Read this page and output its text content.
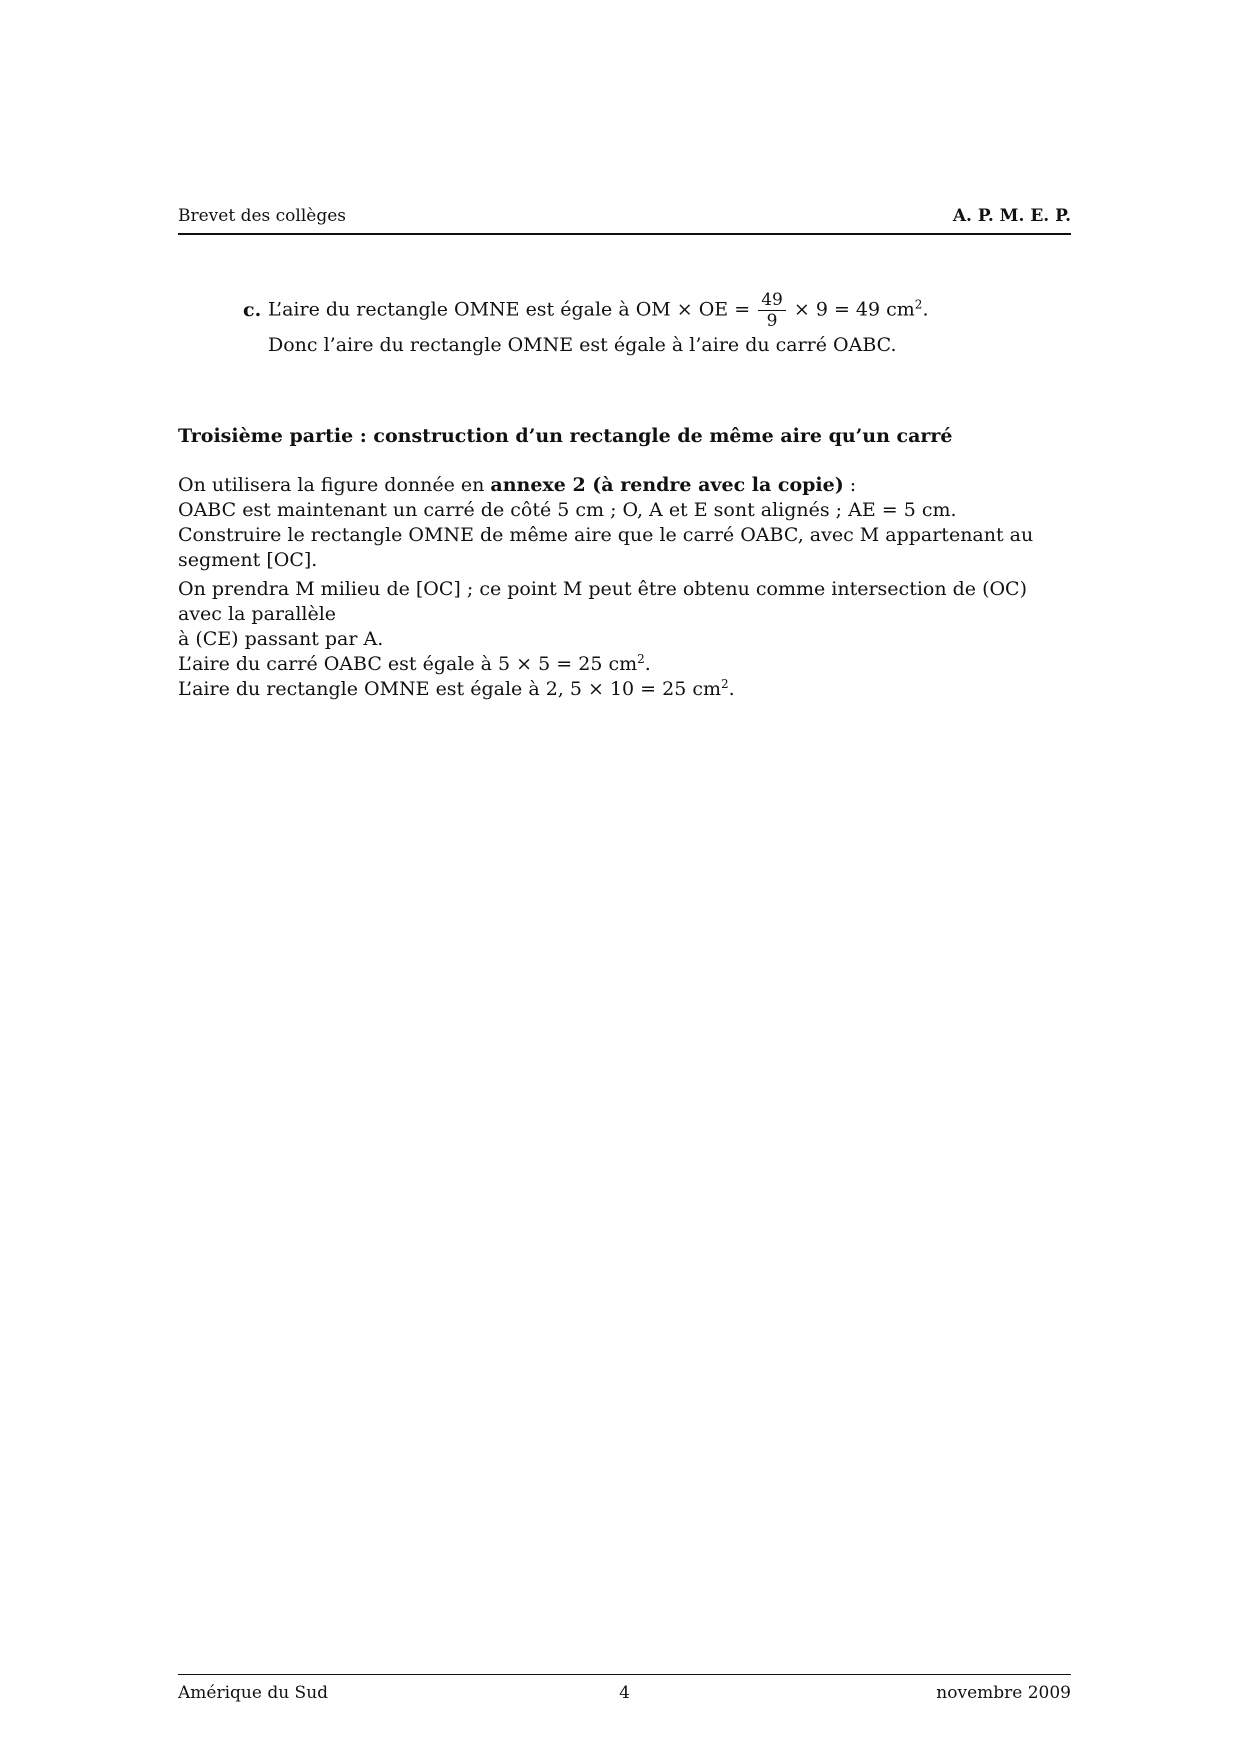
Brevet des collèges	A. P. M. E. P.
c. L’aire du rectangle OMNE est égale à OM × OE = $\frac{49}{9} \times 9 = 49$ $cm^2$.
Donc l’aire du rectangle OMNE est égale à l’aire du carré OABC.
Troisième partie : construction d’un rectangle de même aire qu’un carré
On utilisera la figure donnée en annexe 2 (à rendre avec la copie) :
OABC est maintenant un carré de côté 5 cm ; O, A et E sont alignés ; AE = 5 cm.
Construire le rectangle OMNE de même aire que le carré OABC, avec M appartenant au segment [OC].
On prendra M milieu de [OC] ; ce point M peut être obtenu comme intersection de (OC) avec la parallèle
à (CE) passant par A.
L’aire du carré OABC est égale à 5 × 5 = 25 $cm^2$.
L’aire du rectangle OMNE est égale à 2, 5 × 10 = 25 $cm^2$.
Amérique du Sud	4	novembre 2009
